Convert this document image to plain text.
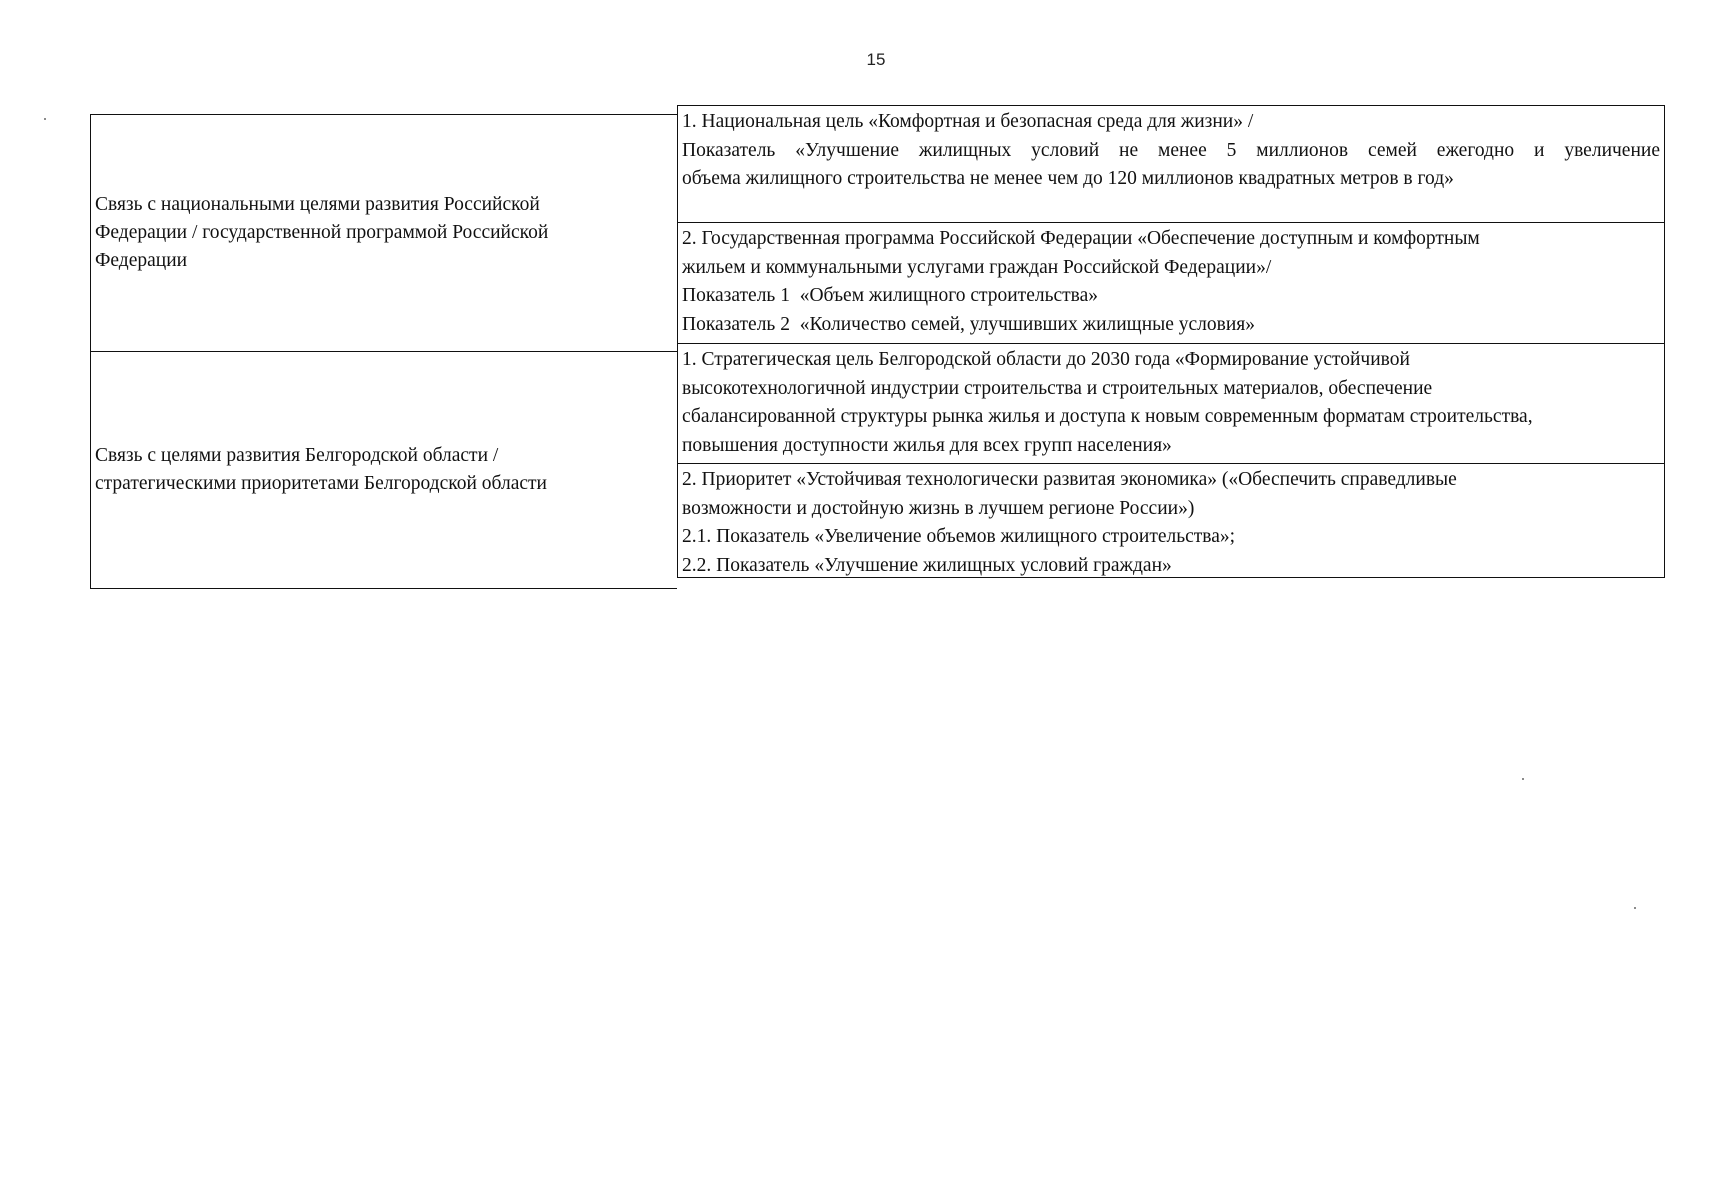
15
Связь с национальными целями развития Российской
Федерации / государственной программой Российской
Федерации
1. Национальная цель «Комфортная и безопасная среда для жизни» /
Показатель «Улучшение жилищных условий не менее 5 миллионов семей ежегодно и увеличение
объема жилищного строительства не менее чем до 120 миллионов квадратных метров в год»
2. Государственная программа Российской Федерации «Обеспечение доступным и комфортным
жильем и коммунальными услугами граждан Российской Федерации»/
Показатель 1  «Объем жилищного строительства»
Показатель 2  «Количество семей, улучшивших жилищные условия»
Связь с целями развития Белгородской области /
стратегическими приоритетами Белгородской области
1. Стратегическая цель Белгородской области до 2030 года «Формирование устойчивой
высокотехнологичной индустрии строительства и строительных материалов, обеспечение
сбалансированной структуры рынка жилья и доступа к новым современным форматам строительства,
повышения доступности жилья для всех групп населения»
2. Приоритет «Устойчивая технологически развитая экономика» («Обеспечить справедливые
возможности и достойную жизнь в лучшем регионе России»)
2.1. Показатель «Увеличение объемов жилищного строительства»;
2.2. Показатель «Улучшение жилищных условий граждан»
